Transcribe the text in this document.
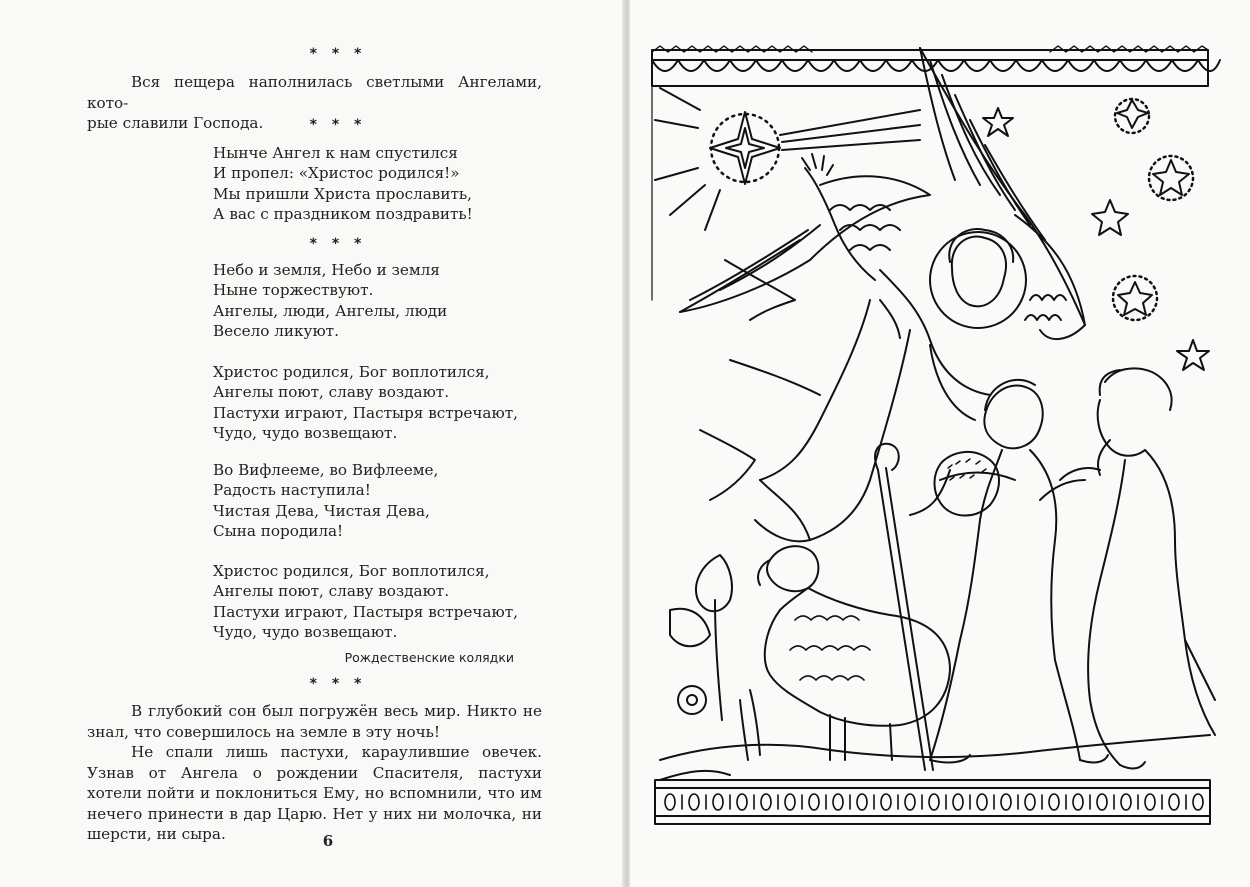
* * *

Вся пещера наполнилась светлыми Ангелами, кото-

рые славили Господа.	* * *
Нынче Ангел к нам спустился
И пропел: «Христос родился!»
Мы пришли Христа прославить,
А вас с праздником поздравить!
* * *
Небо и земля, Небо и земля
Ныне торжествуют.
Ангелы, люди, Ангелы, люди
Весело ликуют.
Христос родился, Бог воплотился,
Ангелы поют, славу воздают.
Пастухи играют, Пастыря встречают,
Чудо, чудо возвещают.
Во Вифлееме, во Вифлееме,
Радость наступила!
Чистая Дева, Чистая Дева,
Сына породила!
Христос родился, Бог воплотился,
Ангелы поют, славу воздают.
Пастухи играют, Пастыря встречают,
Чудо, чудо возвещают.
Рождественские колядки
* * *

В глубокий сон был погружён весь мир. Никто не знал, что совершилось на земле в эту ночь!

Не спали лишь пастухи, караулившие овечек. Узнав от Ангела о рождении Спасителя, пастухи хотели пойти и поклониться Ему, но вспомнили, что им нечего принести в дар Царю. Нет у них ни молочка, ни шерсти, ни сыра.	6
